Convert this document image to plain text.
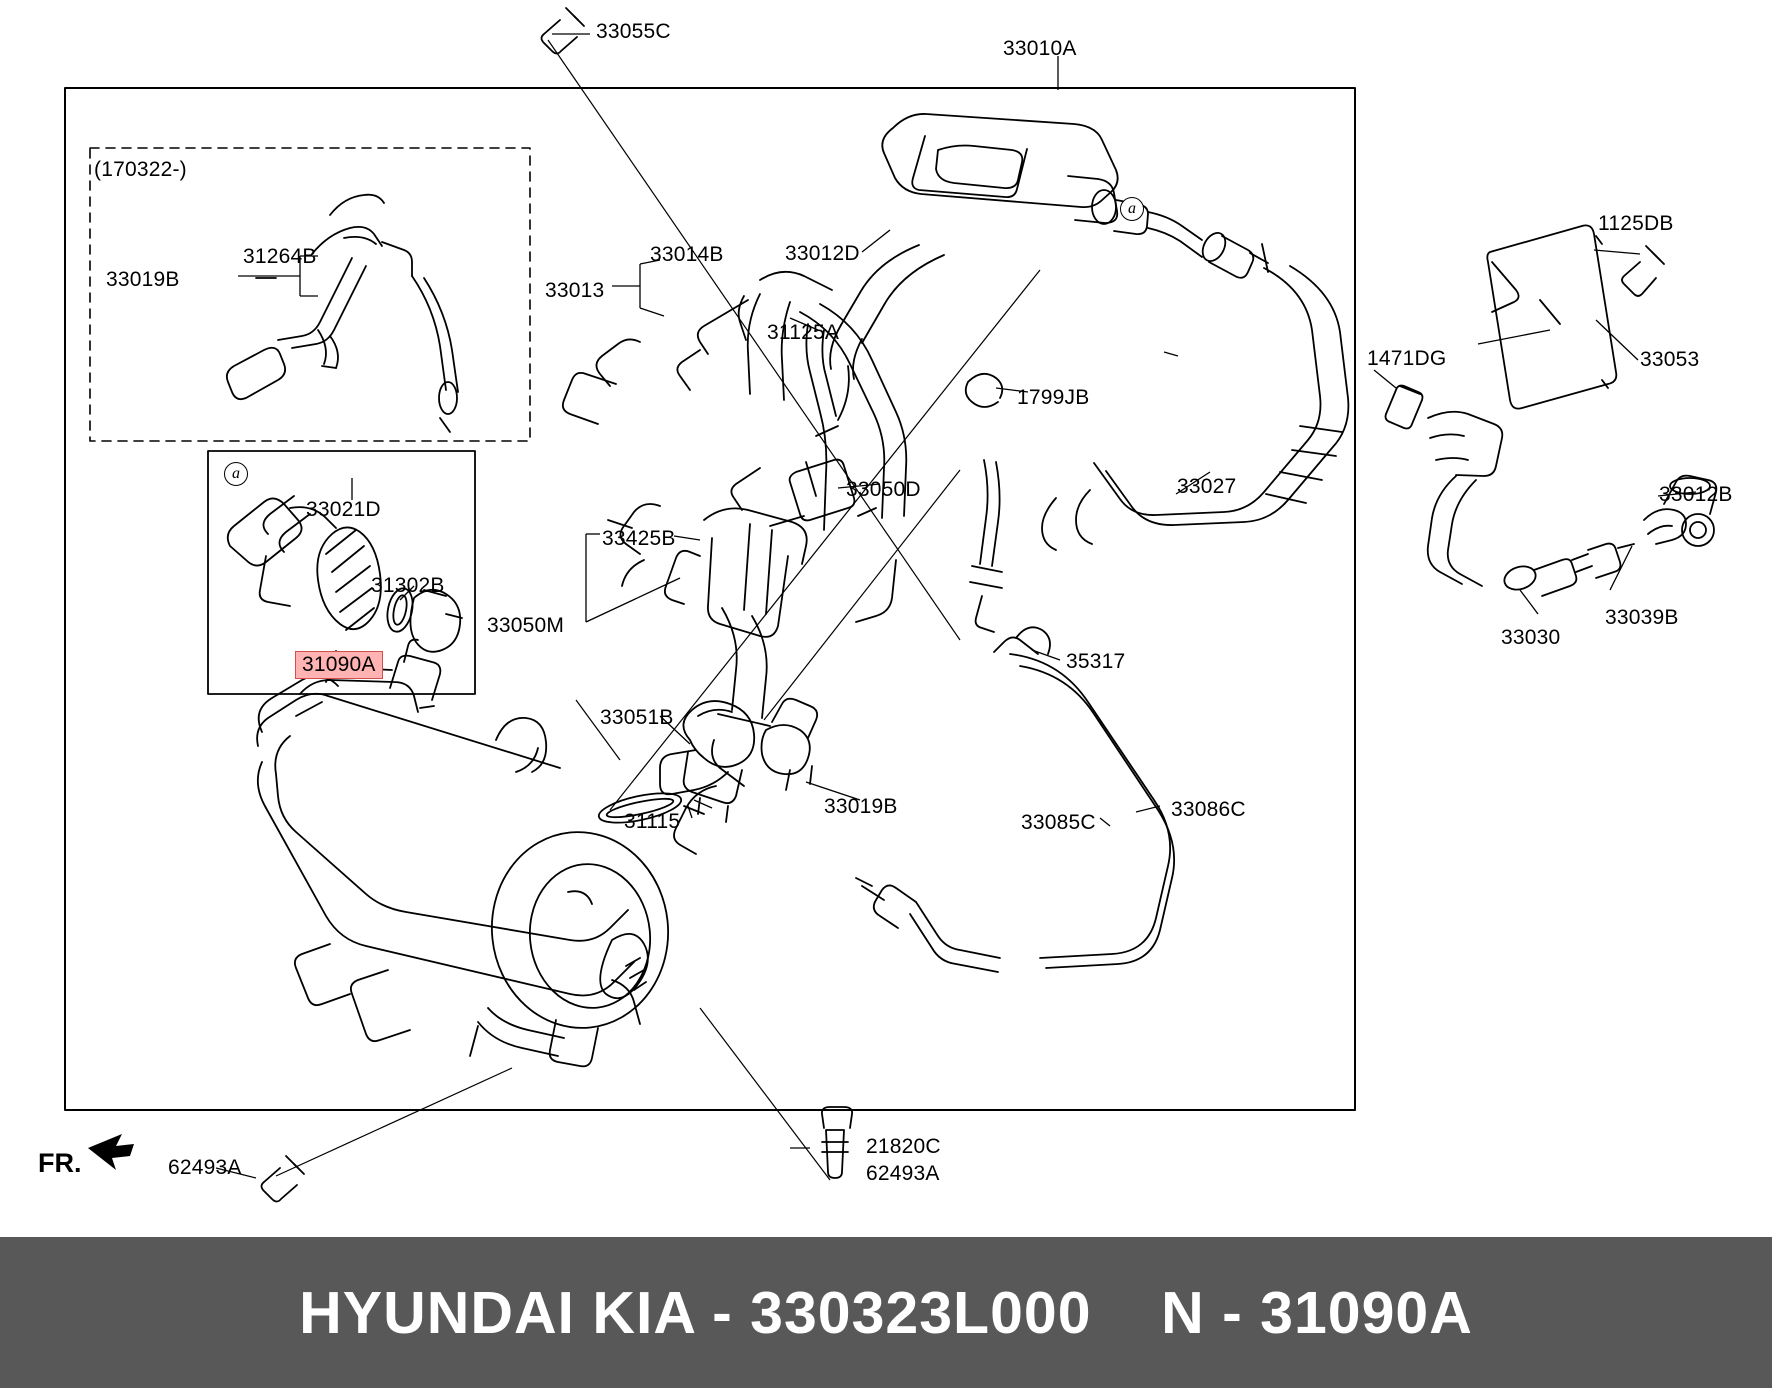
a
a
(170322-)
FR.
33055C
33010A
33012D
1125DB
33019B
31264B	33014B
33013
31125A
1471DG	33053
1799JB
33027	33012B
33021D
33050D
33425B
31302B
33050M	33039B
33030
31090A	35317
33051B
31115
33019B
33085C
33086C
62493A
21820C
62493A
HYUNDAI KIA - 330323L000    N - 31090A
